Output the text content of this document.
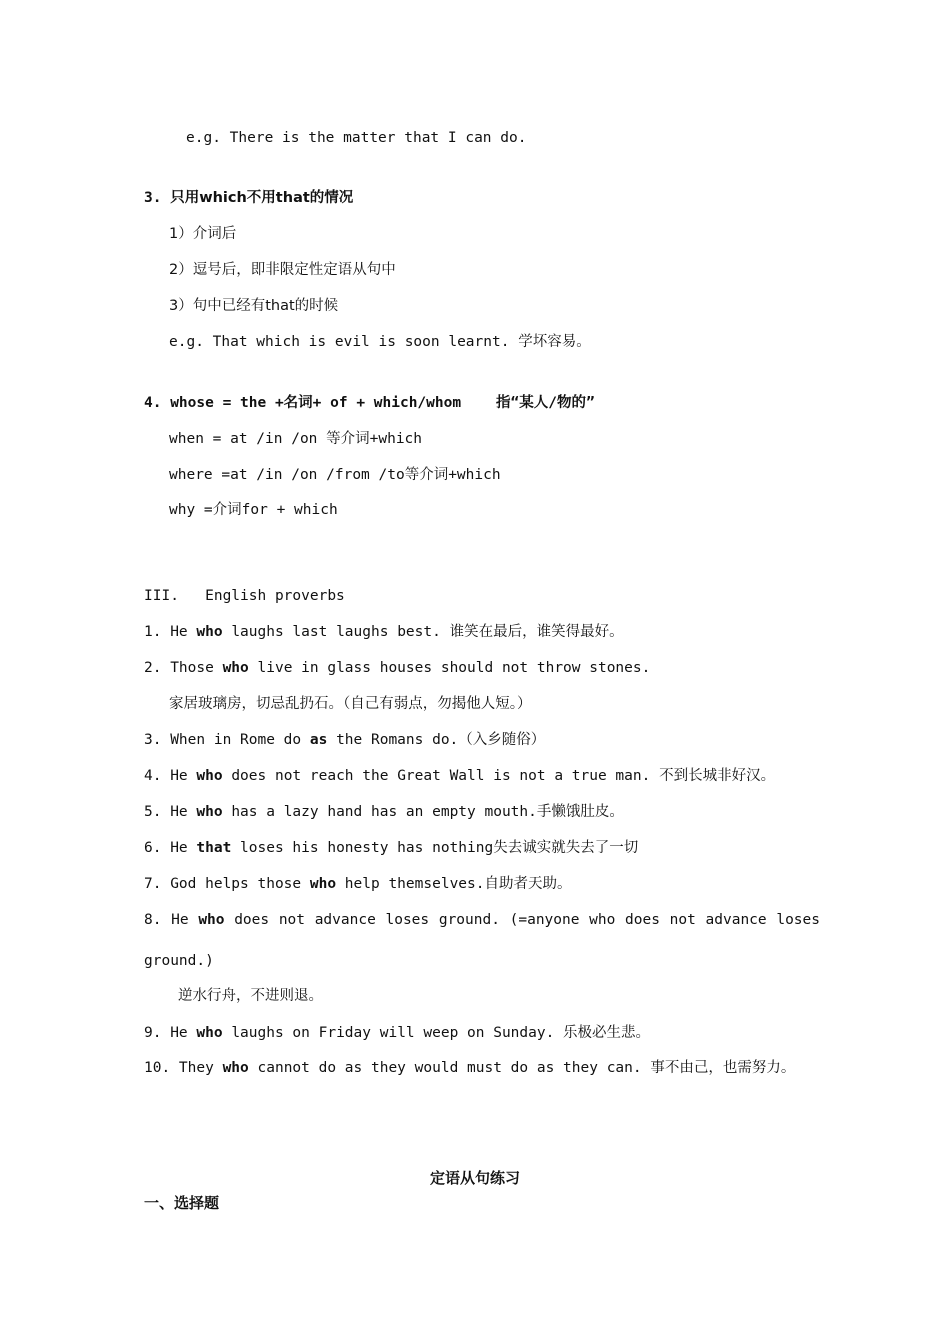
e.g. There is the matter that I can do.
3. 只用which不用that的情况
1）介词后
2）逗号后，即非限定性定语从句中
3）句中已经有that的时候
e.g. That which is evil is soon learnt. 学坏容易。
4. whose = the +名词+ of + which/whom    指“某人/物的”
when = at /in /on 等介词+which
where =at /in /on /from /to等介词+which
why =介词for + which
III.   English proverbs
1. He who laughs last laughs best. 谁笑在最后，谁笑得最好。
2. Those who live in glass houses should not throw stones.
家居玻璃房，切忌乱扔石。（自己有弱点，勿揭他人短。）
3. When in Rome do as the Romans do.（入乡随俗）
4. He who does not reach the Great Wall is not a true man. 不到长城非好汉。
5. He who has a lazy hand has an empty mouth.手懒饿肚皮。
6. He that loses his honesty has nothing失去诚实就失去了一切
7. God helps those who help themselves.自助者天助。
8. He who does not advance loses ground. (=anyone who does not advance loses
ground.)
逆水行舟，不进则退。
9. He who laughs on Friday will weep on Sunday. 乐极必生悲。
10. They who cannot do as they would must do as they can. 事不由己，也需努力。
定语从句练习
一、选择题
